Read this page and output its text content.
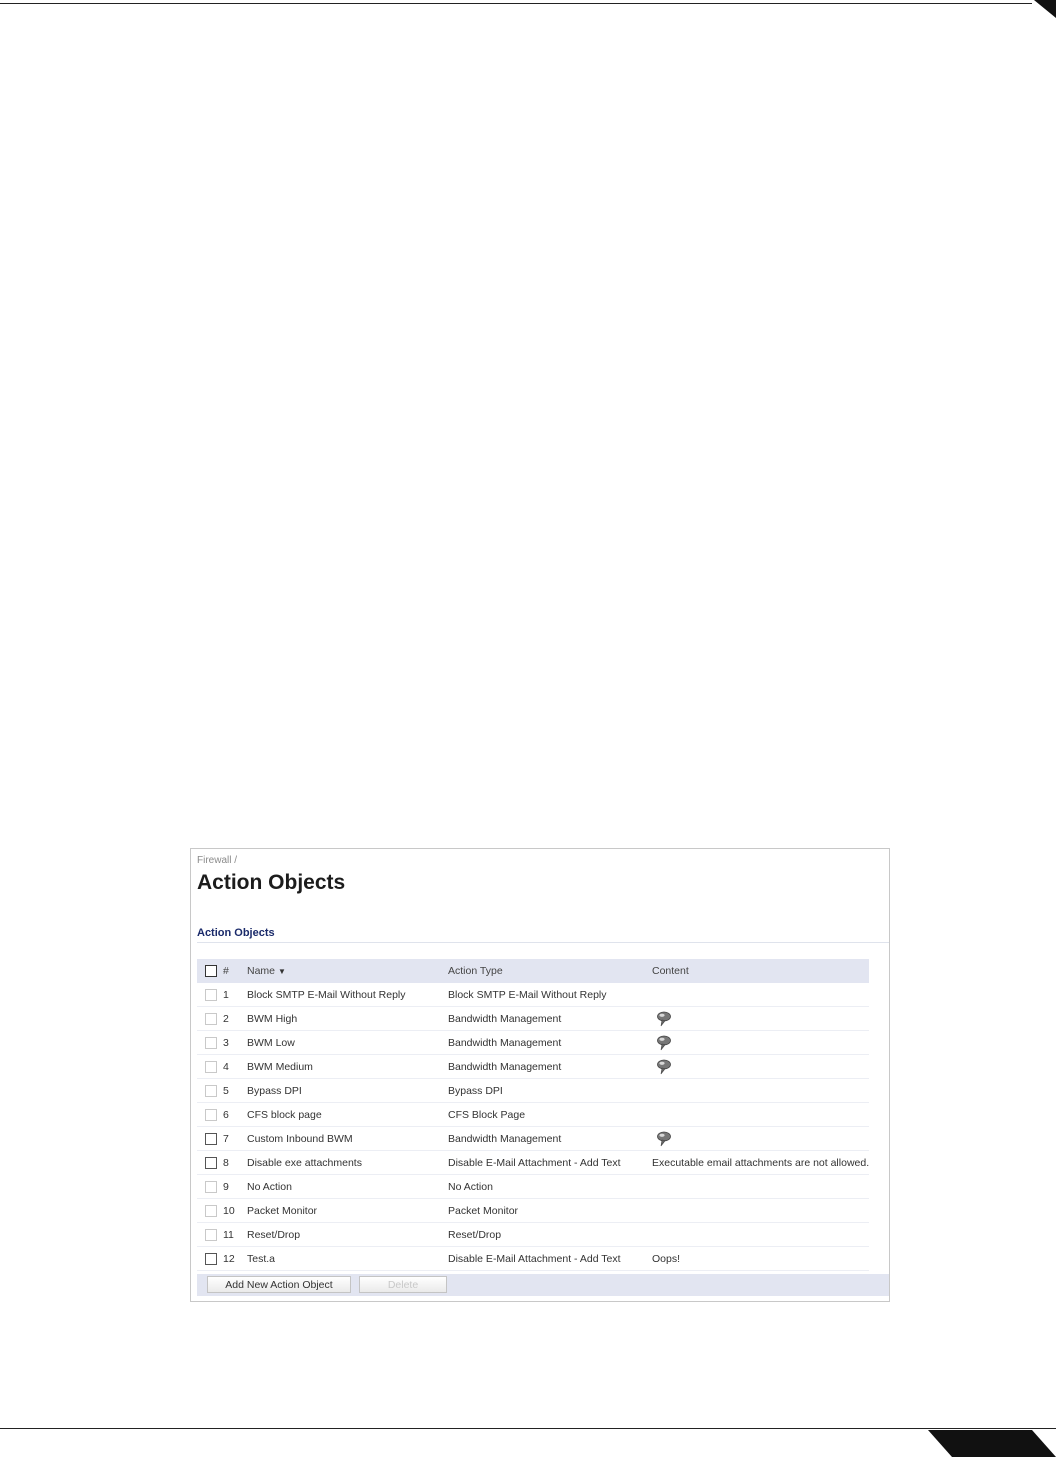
Firewall /
Action Objects
Action Objects
	#	Name ▼	Action Type	Content
	1	Block SMTP E-Mail Without Reply	Block SMTP E-Mail Without Reply	
	2	BWM High	Bandwidth Management	
	3	BWM Low	Bandwidth Management	
	4	BWM Medium	Bandwidth Management	
	5	Bypass DPI	Bypass DPI	
	6	CFS block page	CFS Block Page	
	7	Custom Inbound BWM	Bandwidth Management	
	8	Disable exe attachments	Disable E-Mail Attachment - Add Text	Executable email attachments are not allowed.
	9	No Action	No Action	
	10	Packet Monitor	Packet Monitor	
	11	Reset/Drop	Reset/Drop	
	12	Test.a	Disable E-Mail Attachment - Add Text	Oops!
Add New Action Object	Delete
